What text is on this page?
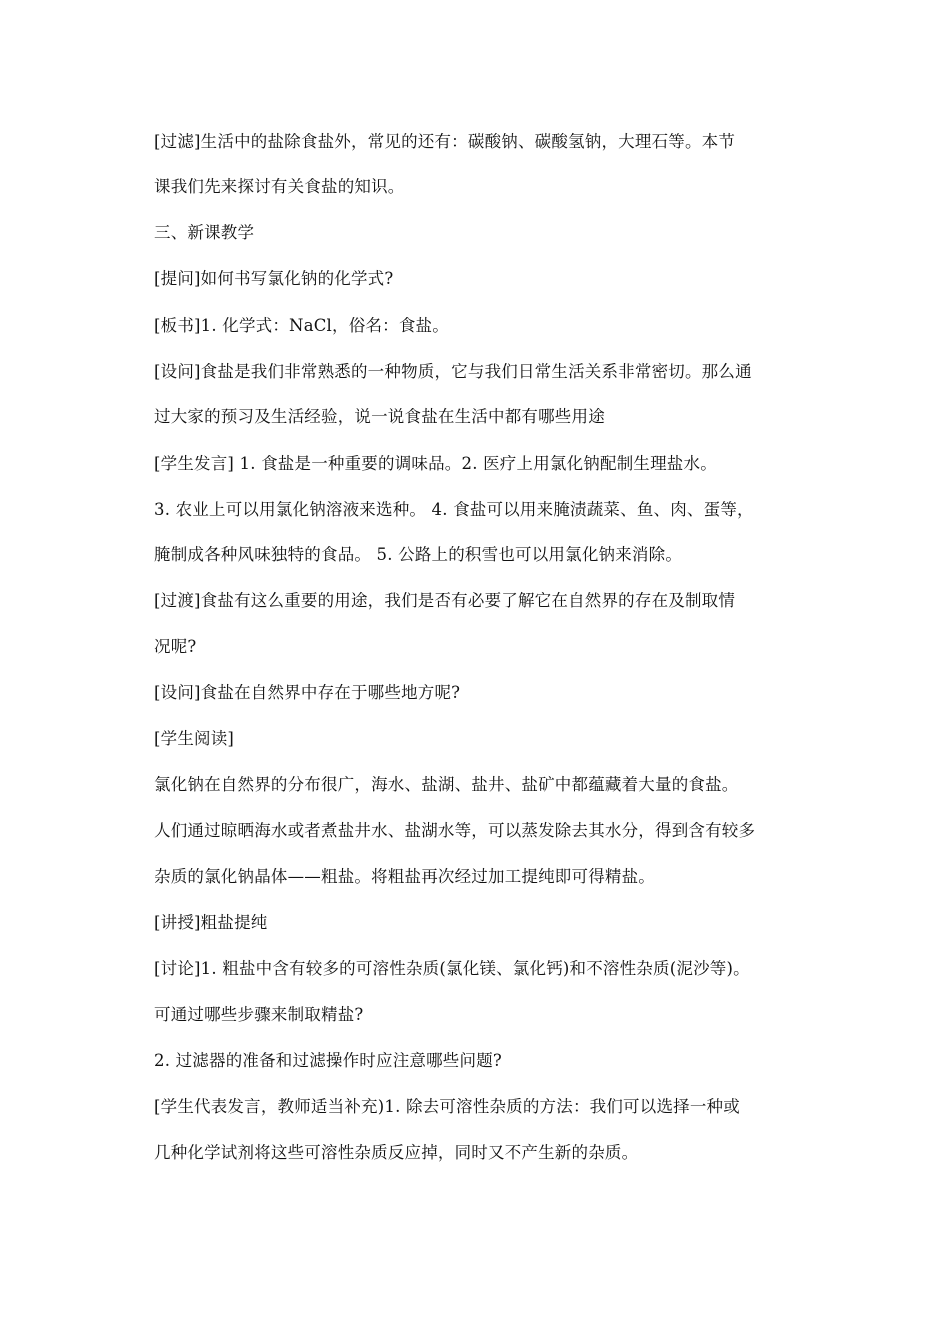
[过滤]生活中的盐除食盐外，常见的还有：碳酸钠、碳酸氢钠，大理石等。本节
课我们先来探讨有关食盐的知识。
三、新课教学
[提问]如何书写氯化钠的化学式?
[板书]1. 化学式：NaCl，俗名：食盐。
[设问]食盐是我们非常熟悉的一种物质，它与我们日常生活关系非常密切。那么通
过大家的预习及生活经验，说一说食盐在生活中都有哪些用途
[学生发言] 1. 食盐是一种重要的调味品。2. 医疗上用氯化钠配制生理盐水。
3. 农业上可以用氯化钠溶液来选种。 4. 食盐可以用来腌渍蔬菜、鱼、肉、蛋等，
腌制成各种风味独特的食品。 5. 公路上的积雪也可以用氯化钠来消除。
[过渡]食盐有这么重要的用途，我们是否有必要了解它在自然界的存在及制取情
况呢?
[设问]食盐在自然界中存在于哪些地方呢?
[学生阅读]
氯化钠在自然界的分布很广，海水、盐湖、盐井、盐矿中都蕴藏着大量的食盐。
人们通过晾晒海水或者煮盐井水、盐湖水等，可以蒸发除去其水分，得到含有较多
杂质的氯化钠晶体——粗盐。将粗盐再次经过加工提纯即可得精盐。
[讲授]粗盐提纯
[讨论]1. 粗盐中含有较多的可溶性杂质(氯化镁、氯化钙)和不溶性杂质(泥沙等)。
可通过哪些步骤来制取精盐?
2. 过滤器的准备和过滤操作时应注意哪些问题?
[学生代表发言，教师适当补充)1. 除去可溶性杂质的方法：我们可以选择一种或
几种化学试剂将这些可溶性杂质反应掉，同时又不产生新的杂质。
